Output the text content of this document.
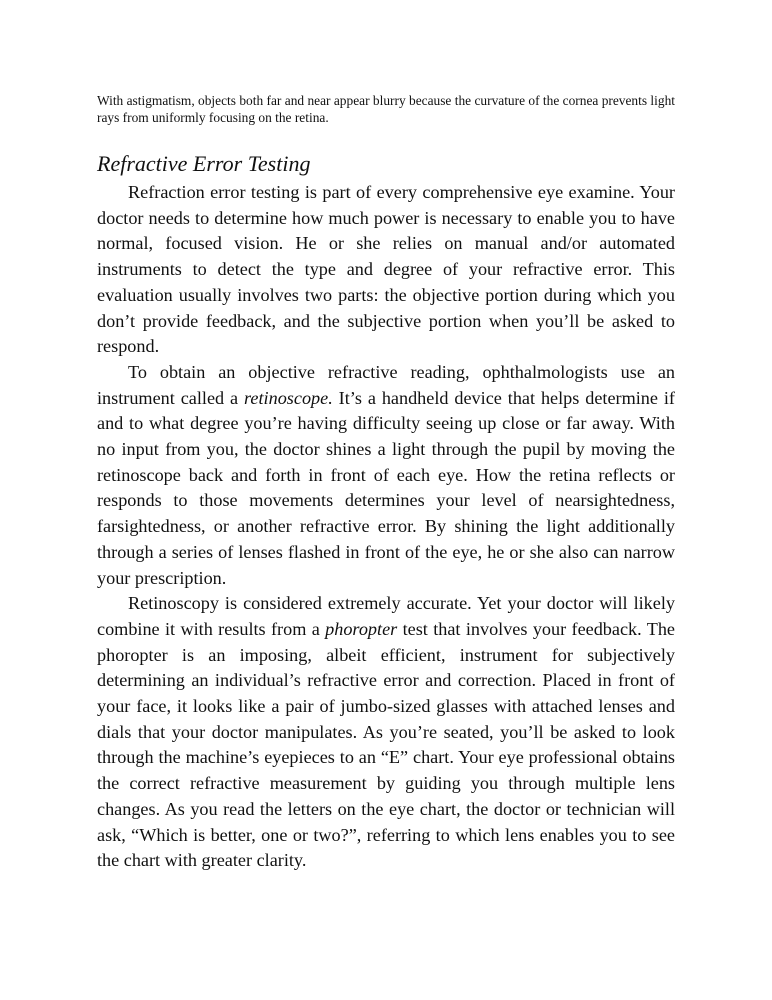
With astigmatism, objects both far and near appear blurry because the curvature of the cornea prevents light rays from uniformly focusing on the retina.

Refractive Error Testing

Refraction error testing is part of every comprehensive eye examine. Your doctor needs to determine how much power is necessary to enable you to have normal, focused vision. He or she relies on manual and/or automated instruments to detect the type and degree of your refractive error. This evaluation usually involves two parts: the objective portion during which you don’t provide feedback, and the subjective portion when you’ll be asked to respond.

To obtain an objective refractive reading, ophthalmologists use an instrument called a retinoscope. It’s a handheld device that helps determine if and to what degree you’re having difficulty seeing up close or far away. With no input from you, the doctor shines a light through the pupil by moving the retinoscope back and forth in front of each eye. How the retina reflects or responds to those movements determines your level of nearsightedness, farsightedness, or another refractive error. By shining the light additionally through a series of lenses flashed in front of the eye, he or she also can narrow your prescription.

Retinoscopy is considered extremely accurate. Yet your doctor will likely combine it with results from a phoropter test that involves your feedback. The phoropter is an imposing, albeit efficient, instrument for subjectively determining an individual’s refractive error and correction. Placed in front of your face, it looks like a pair of jumbo-sized glasses with attached lenses and dials that your doctor manipulates. As you’re seated, you’ll be asked to look through the machine’s eyepieces to an “E” chart. Your eye professional obtains the correct refractive measurement by guiding you through multiple lens changes. As you read the letters on the eye chart, the doctor or technician will ask, “Which is better, one or two?”, referring to which lens enables you to see the chart with greater clarity.
